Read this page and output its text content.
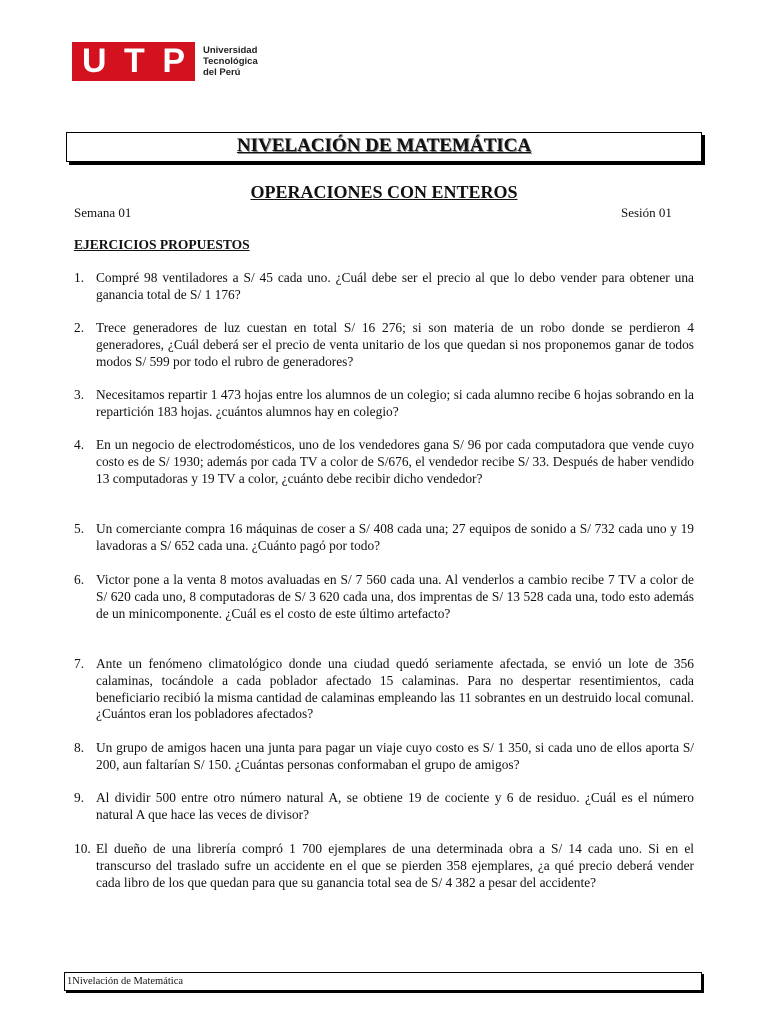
U T P Universidad
Tecnológica
del Perú
NIVELACIÓN DE MATEMÁTICA
OPERACIONES CON ENTEROS
Semana 01	Sesión 01
EJERCICIOS PROPUESTOS
1. Compré 98 ventiladores a S/ 45 cada uno. ¿Cuál debe ser el precio al que lo debo vender para obtener una ganancia total de S/ 1 176?
2. Trece generadores de luz cuestan en total S/ 16 276; si son materia de un robo donde se perdieron 4 generadores, ¿Cuál deberá ser el precio de venta unitario de los que quedan si nos proponemos ganar de todos modos S/ 599 por todo el rubro de generadores?
3. Necesitamos repartir 1 473 hojas entre los alumnos de un colegio; si cada alumno recibe 6 hojas sobrando en la repartición 183 hojas. ¿cuántos alumnos hay en colegio?
4. En un negocio de electrodomésticos, uno de los vendedores gana S/ 96 por cada computadora que vende cuyo costo es de S/ 1930; además por cada TV a color de S/676, el vendedor recibe S/ 33. Después de haber vendido 13 computadoras y 19 TV a color, ¿cuánto debe recibir dicho vendedor?
5. Un comerciante compra 16 máquinas de coser a S/ 408 cada una; 27 equipos de sonido a S/ 732 cada uno y 19 lavadoras a S/ 652 cada una. ¿Cuánto pagó por todo?
6. Victor pone a la venta 8 motos avaluadas en S/ 7 560 cada una. Al venderlos a cambio recibe 7 TV a color de S/ 620 cada uno, 8 computadoras de S/ 3 620 cada una, dos imprentas de S/ 13 528 cada una, todo esto además de un minicomponente. ¿Cuál es el costo de este último artefacto?
7. Ante un fenómeno climatológico donde una ciudad quedó seriamente afectada, se envió un lote de 356 calaminas, tocándole a cada poblador afectado 15 calaminas. Para no despertar resentimientos, cada beneficiario recibió la misma cantidad de calaminas empleando las 11 sobrantes en un destruido local comunal. ¿Cuántos eran los pobladores afectados?
8. Un grupo de amigos hacen una junta para pagar un viaje cuyo costo es S/ 1 350, si cada uno de ellos aporta S/ 200, aun faltarían S/ 150. ¿Cuántas personas conformaban el grupo de amigos?
9. Al dividir 500 entre otro número natural A, se obtiene 19 de cociente y 6 de residuo. ¿Cuál es el número natural A que hace las veces de divisor?
10. El dueño de una librería compró 1 700 ejemplares de una determinada obra a S/ 14 cada uno. Si en el transcurso del traslado sufre un accidente en el que se pierden 358 ejemplares, ¿a qué precio deberá vender cada libro de los que quedan para que su ganancia total sea de S/ 4 382 a pesar del accidente?
1Nivelación de Matemática
